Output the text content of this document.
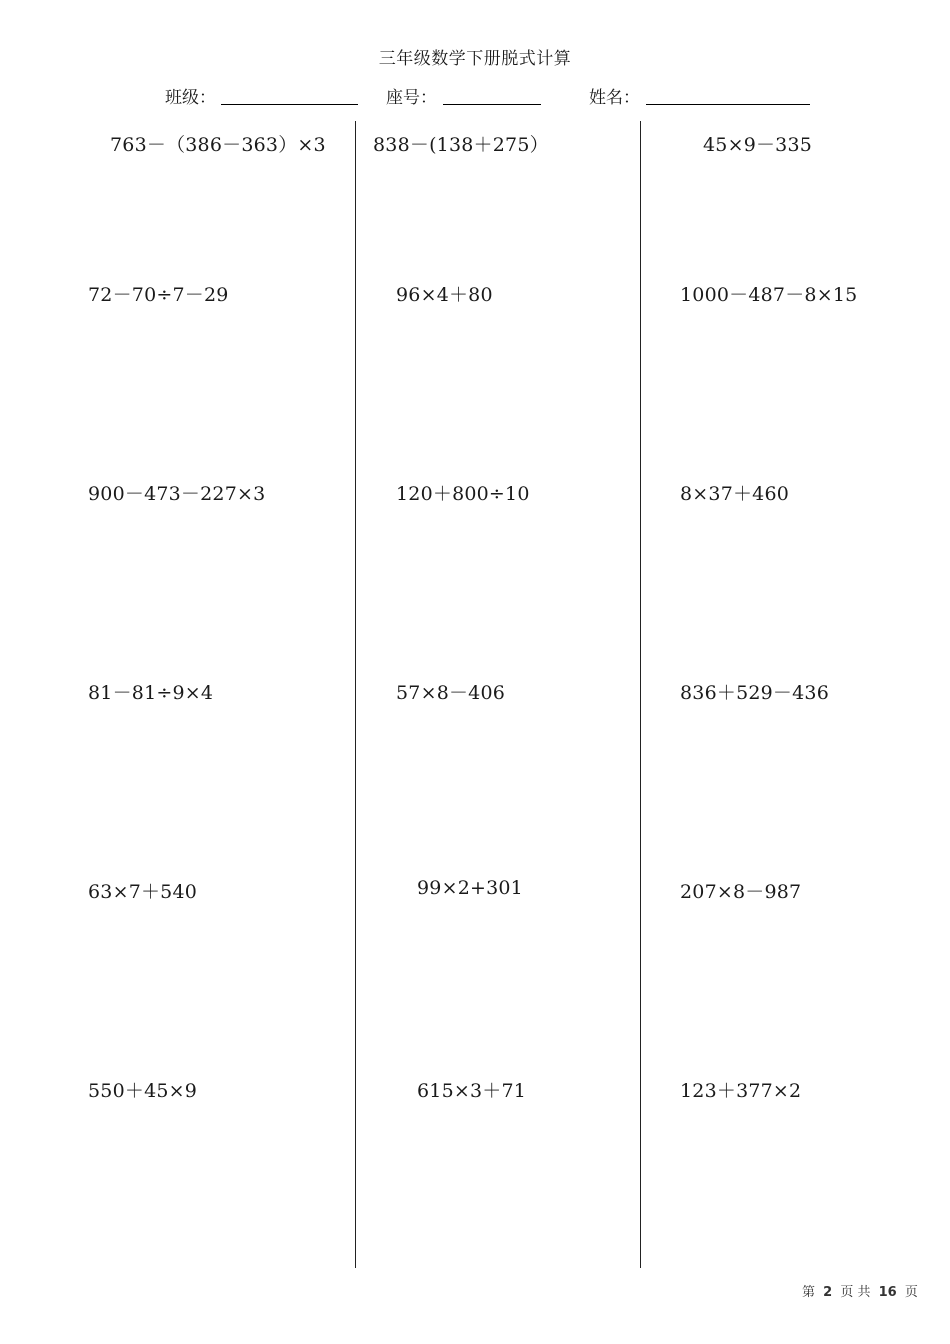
三年级数学下册脱式计算
班级：	座号：	姓名：
763－（386－363）×3
72－70÷7－29
900－473－227×3
81－81÷9×4
63×7＋540
550＋45×9
838－(138＋275）
96×4＋80
120＋800÷10
57×8－406
99×2+301
615×3＋71
45×9－335
1000－487－8×15
8×37＋460
836＋529－436
207×8－987
123＋377×2
第 2 页 共 16 页
